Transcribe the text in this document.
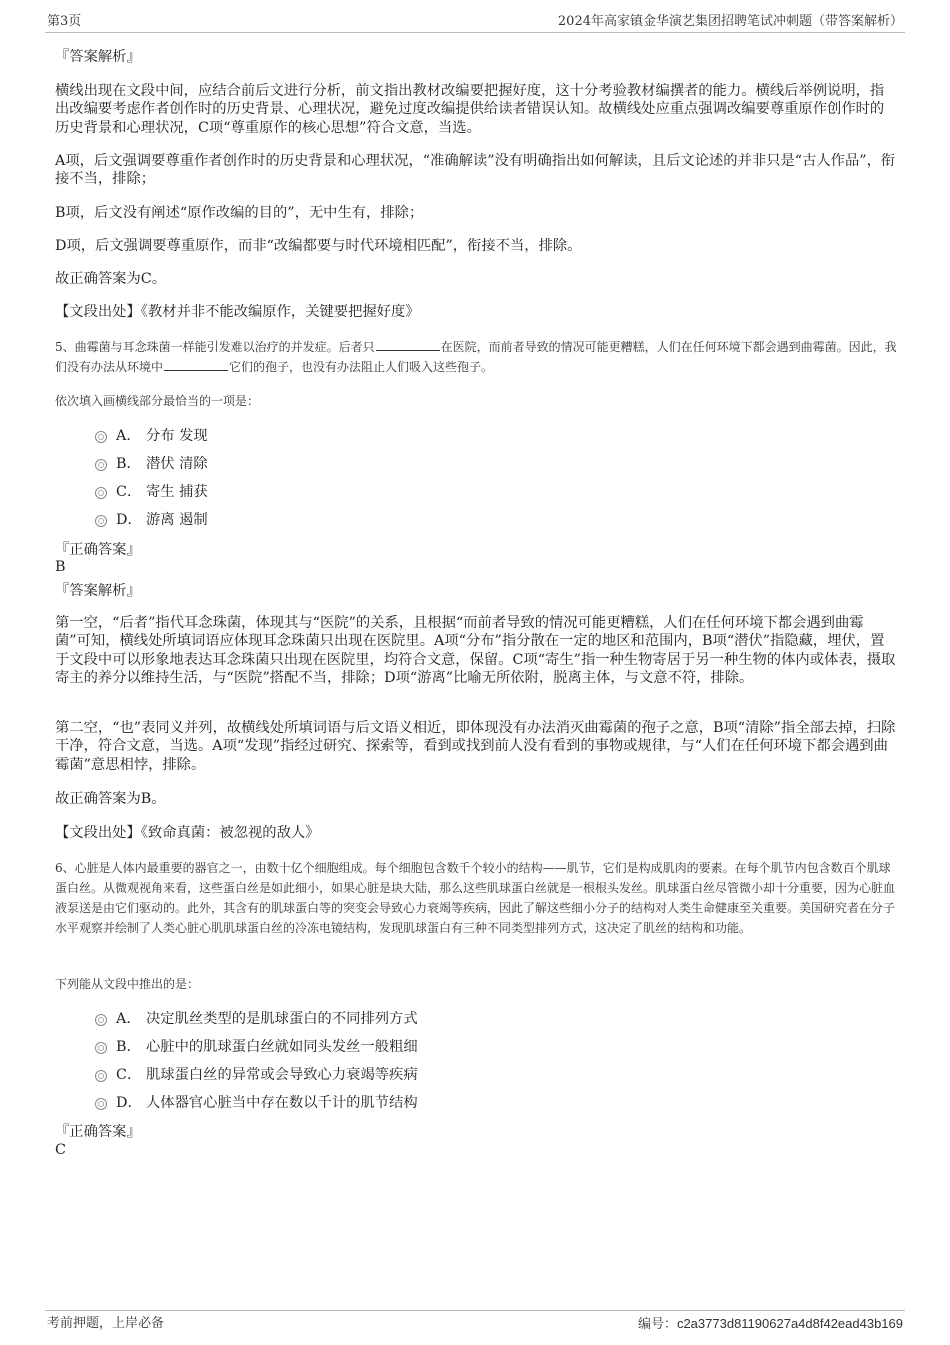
第3页	2024年高家镇金华演艺集团招聘笔试冲刺题（带答案解析）
『答案解析』
横线出现在文段中间，应结合前后文进行分析，前文指出教材改编要把握好度，这十分考验教材编撰者的能力。横线后举例说明，指出改编要考虑作者创作时的历史背景、心理状况，避免过度改编提供给读者错误认知。故横线处应重点强调改编要尊重原作创作时的历史背景和心理状况，C项“尊重原作的核心思想”符合文意，当选。
A项，后文强调要尊重作者创作时的历史背景和心理状况，“准确解读”没有明确指出如何解读，且后文论述的并非只是“古人作品”，衔接不当，排除；
B项，后文没有阐述“原作改编的目的”，无中生有，排除；
D项，后文强调要尊重原作，而非“改编都要与时代环境相匹配”，衔接不当，排除。
故正确答案为C。
【文段出处】《教材并非不能改编原作，关键要把握好度》
5、曲霉菌与耳念珠菌一样能引发难以治疗的并发症。后者只	在医院，而前者导致的情况可能更糟糕，人们在任何环境下都会遇到曲霉菌。因此，我们没有办法从环境中	它们的孢子，也没有办法阻止人们吸入这些孢子。
依次填入画横线部分最恰当的一项是：
A． 分布 发现
B． 潜伏 清除
C． 寄生 捕获
D． 游离 遏制
『正确答案』
B
『答案解析』
第一空，“后者”指代耳念珠菌，体现其与“医院”的关系，且根据“而前者导致的情况可能更糟糕，人们在任何环境下都会遇到曲霉菌”可知，横线处所填词语应体现耳念珠菌只出现在医院里。A项“分布”指分散在一定的地区和范围内，B项“潜伏”指隐藏，埋伏，置于文段中可以形象地表达耳念珠菌只出现在医院里，均符合文意，保留。C项“寄生”指一种生物寄居于另一种生物的体内或体表，摄取寄主的养分以维持生活，与“医院”搭配不当，排除；D项“游离”比喻无所依附，脱离主体，与文意不符，排除。
第二空，“也”表同义并列，故横线处所填词语与后文语义相近，即体现没有办法消灭曲霉菌的孢子之意，B项“清除”指全部去掉，扫除干净，符合文意，当选。A项“发现”指经过研究、探索等，看到或找到前人没有看到的事物或规律，与“人们在任何环境下都会遇到曲霉菌”意思相悖，排除。
故正确答案为B。
【文段出处】《致命真菌：被忽视的敌人》
6、心脏是人体内最重要的器官之一，由数十亿个细胞组成。每个细胞包含数千个较小的结构——肌节，它们是构成肌肉的要素。在每个肌节内包含数百个肌球蛋白丝。从微观视角来看，这些蛋白丝是如此细小，如果心脏是块大陆，那么这些肌球蛋白丝就是一根根头发丝。肌球蛋白丝尽管微小却十分重要，因为心脏血液泵送是由它们驱动的。此外，其含有的肌球蛋白等的突变会导致心力衰竭等疾病，因此了解这些细小分子的结构对人类生命健康至关重要。美国研究者在分子水平观察并绘制了人类心脏心肌肌球蛋白丝的冷冻电镜结构，发现肌球蛋白有三种不同类型排列方式，这决定了肌丝的结构和功能。
下列能从文段中推出的是：
A． 决定肌丝类型的是肌球蛋白的不同排列方式
B． 心脏中的肌球蛋白丝就如同头发丝一般粗细
C． 肌球蛋白丝的异常或会导致心力衰竭等疾病
D． 人体器官心脏当中存在数以千计的肌节结构
『正确答案』
C
考前押题，上岸必备	编号：c2a3773d81190627a4d8f42ead43b169
